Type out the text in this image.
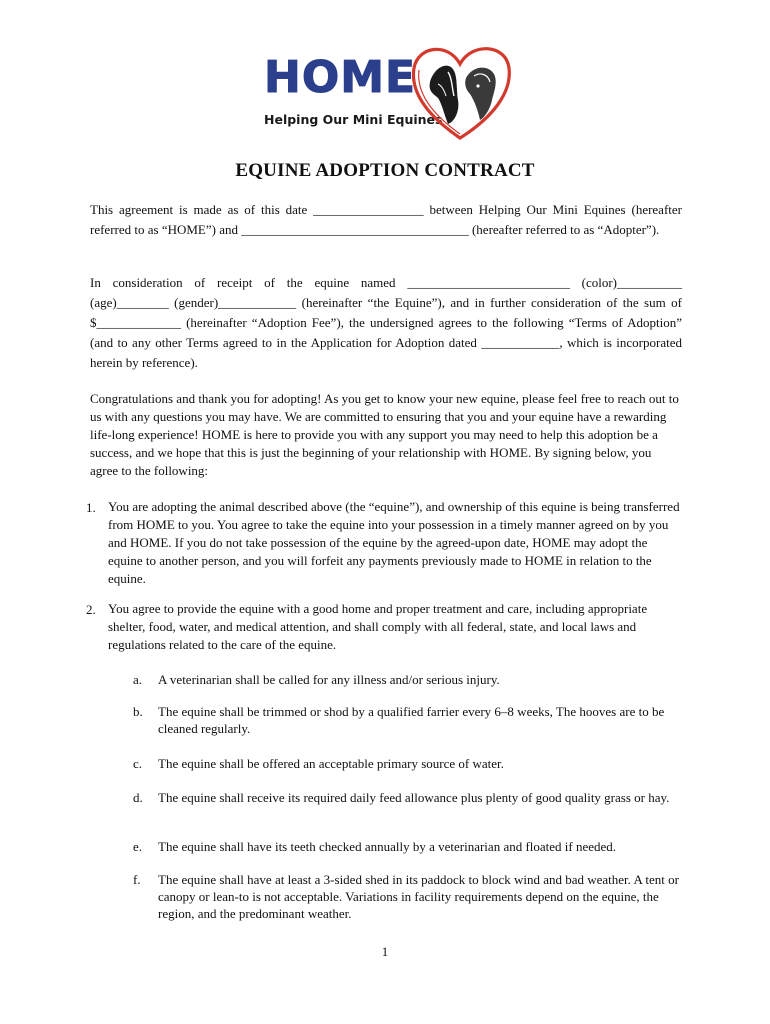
HOME
Helping Our Mini Equines
EQUINE ADOPTION CONTRACT

This agreement is made as of this date _________________ between Helping Our Mini Equines (hereafter referred to as “HOME”) and ___________________________________ (hereafter referred to as “Adopter”).

In consideration of receipt of the equine named _________________________ (color)__________ (age)________ (gender)____________ (hereinafter “the Equine”), and in further consideration of the sum of $_____________ (hereinafter “Adoption Fee”), the undersigned agrees to the following “Terms of Adoption” (and to any other Terms agreed to in the Application for Adoption dated ____________, which is incorporated herein by reference).

Congratulations and thank you for adopting! As you get to know your new equine, please feel free to reach out to us with any questions you may have. We are committed to ensuring that you and your equine have a rewarding life-long experience! HOME is here to provide you with any support you may need to help this adoption be a success, and we hope that this is just the beginning of your relationship with HOME. By signing below, you agree to the following:

1. You are adopting the animal described above (the “equine”), and ownership of this equine is being transferred from HOME to you. You agree to take the equine into your possession in a timely manner agreed on by you and HOME. If you do not take possession of the equine by the agreed-upon date, HOME may adopt the equine to another person, and you will forfeit any payments previously made to HOME in relation to the equine.
2. You agree to provide the equine with a good home and proper treatment and care, including appropriate shelter, food, water, and medical attention, and shall comply with all federal, state, and local laws and regulations related to the care of the equine.
a. A veterinarian shall be called for any illness and/or serious injury.
b. The equine shall be trimmed or shod by a qualified farrier every 6–8 weeks, The hooves are to be cleaned regularly.
c. The equine shall be offered an acceptable primary source of water.
d. The equine shall receive its required daily feed allowance plus plenty of good quality grass or hay.
e. The equine shall have its teeth checked annually by a veterinarian and floated if needed.
f. The equine shall have at least a 3-sided shed in its paddock to block wind and bad weather. A tent or canopy or lean-to is not acceptable. Variations in facility requirements depend on the equine, the region, and the predominant weather.
1
